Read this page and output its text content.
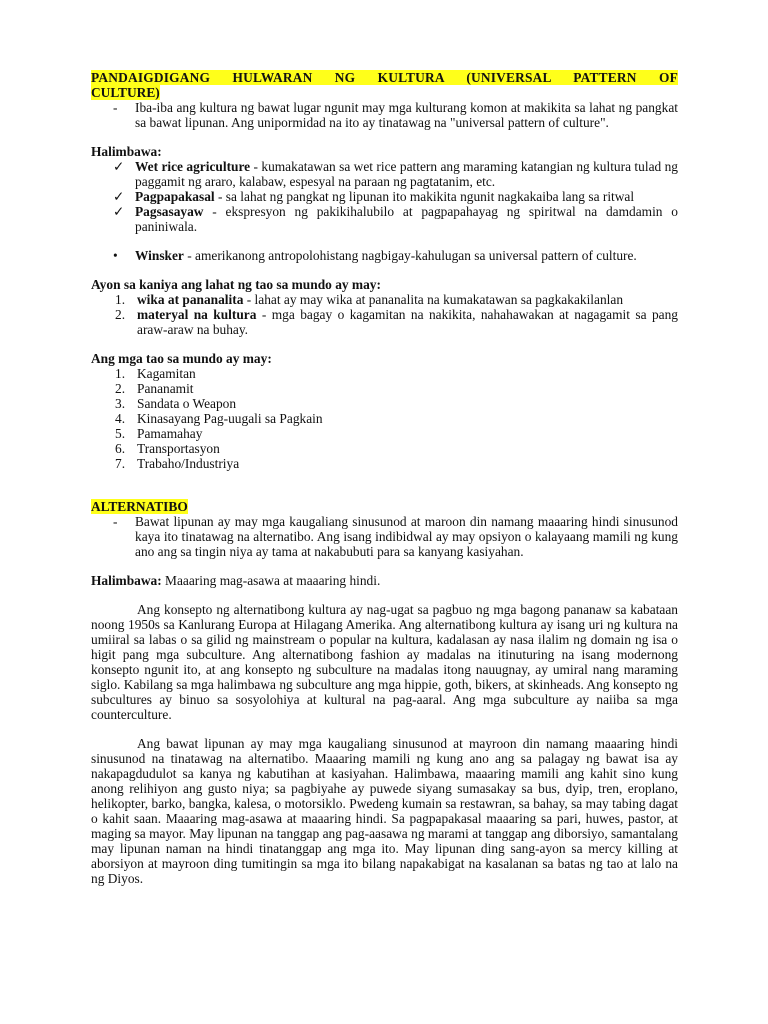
PANDAIGDIGANG HULWARAN NG KULTURA (UNIVERSAL PATTERN OF
CULTURE)
-	Iba-iba ang kultura ng bawat lugar ngunit may mga kulturang komon at makikita sa lahat ng pangkat sa bawat lipunan. Ang unipormidad na ito ay tinatawag na "universal pattern of culture".
Halimbawa:
✓ Wet rice agriculture - kumakatawan sa wet rice pattern ang maraming katangian ng kultura tulad ng paggamit ng araro, kalabaw, espesyal na paraan ng pagtatanim, etc.
✓ Pagpapakasal - sa lahat ng pangkat ng lipunan ito makikita ngunit nagkakaiba lang sa ritwal
✓ Pagsasayaw - ekspresyon ng pakikihalubilo at pagpapahayag ng spiritwal na damdamin o paniniwala.
•	Winsker - amerikanong antropolohistang nagbigay-kahulugan sa universal pattern of culture.
Ayon sa kaniya ang lahat ng tao sa mundo ay may:
1. wika at pananalita - lahat ay may wika at pananalita na kumakatawan sa pagkakakilanlan
2. materyal na kultura - mga bagay o kagamitan na nakikita, nahahawakan at nagagamit sa pang araw-araw na buhay.
Ang mga tao sa mundo ay may:
1. Kagamitan
2. Pananamit
3. Sandata o Weapon
4. Kinasayang Pag-uugali sa Pagkain
5. Pamamahay
6. Transportasyon
7. Trabaho/Industriya
ALTERNATIBO
-	Bawat lipunan ay may mga kaugaliang sinusunod at maroon din namang maaaring hindi sinusunod kaya ito tinatawag na alternatibo. Ang isang indibidwal ay may opsiyon o kalayaang mamili ng kung ano ang sa tingin niya ay tama at nakabubuti para sa kanyang kasiyahan.
Halimbawa: Maaaring mag-asawa at maaaring hindi.
Ang konsepto ng alternatibong kultura ay nag-ugat sa pagbuo ng mga bagong pananaw sa kabataan noong 1950s sa Kanlurang Europa at Hilagang Amerika. Ang alternatibong kultura ay isang uri ng kultura na umiiral sa labas o sa gilid ng mainstream o popular na kultura, kadalasan ay nasa ilalim ng domain ng isa o higit pang mga subculture. Ang alternatibong fashion ay madalas na itinuturing na isang modernong konsepto ngunit ito, at ang konsepto ng subculture na madalas itong nauugnay, ay umiral nang maraming siglo. Kabilang sa mga halimbawa ng subculture ang mga hippie, goth, bikers, at skinheads. Ang konsepto ng subcultures ay binuo sa sosyolohiya at kultural na pag-aaral. Ang mga subculture ay naiiba sa mga counterculture.
Ang bawat lipunan ay may mga kaugaliang sinusunod at mayroon din namang maaaring hindi sinusunod na tinatawag na alternatibo. Maaaring mamili ng kung ano ang sa palagay ng bawat isa ay nakapagdudulot sa kanya ng kabutihan at kasiyahan. Halimbawa, maaaring mamili ang kahit sino kung anong relihiyon ang gusto niya; sa pagbiyahe ay puwede siyang sumasakay sa bus, dyip, tren, eroplano, helikopter, barko, bangka, kalesa, o motorsiklo. Pwedeng kumain sa restawran, sa bahay, sa may tabing dagat o kahit saan. Maaaring mag-asawa at maaaring hindi. Sa pagpapakasal maaaring sa pari, huwes, pastor, at maging sa mayor. May lipunan na tanggap ang pag-aasawa ng marami at tanggap ang diborsiyo, samantalang may lipunan naman na hindi tinatanggap ang mga ito. May lipunan ding sang-ayon sa mercy killing at aborsiyon at mayroon ding tumitingin sa mga ito bilang napakabigat na kasalanan sa batas ng tao at lalo na ng Diyos.
